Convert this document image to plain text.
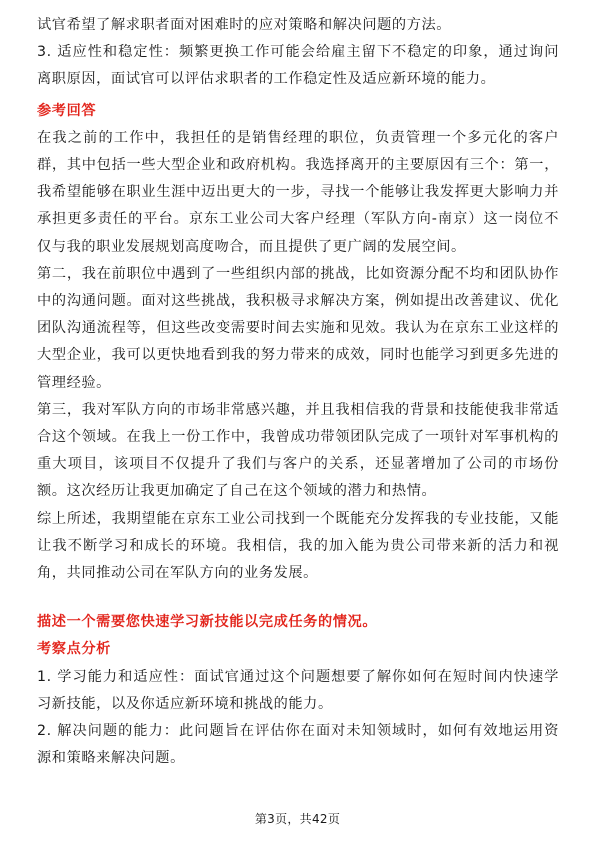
试官希望了解求职者面对困难时的应对策略和解决问题的方法。

3. 适应性和稳定性：频繁更换工作可能会给雇主留下不稳定的印象，通过询问离职原因，面试官可以评估求职者的工作稳定性及适应新环境的能力。

参考回答

在我之前的工作中，我担任的是销售经理的职位，负责管理一个多元化的客户群，其中包括一些大型企业和政府机构。我选择离开的主要原因有三个：第一，我希望能够在职业生涯中迈出更大的一步，寻找一个能够让我发挥更大影响力并承担更多责任的平台。京东工业公司大客户经理（军队方向-南京）这一岗位不仅与我的职业发展规划高度吻合，而且提供了更广阔的发展空间。

第二，我在前职位中遇到了一些组织内部的挑战，比如资源分配不均和团队协作中的沟通问题。面对这些挑战，我积极寻求解决方案，例如提出改善建议、优化团队沟通流程等，但这些改变需要时间去实施和见效。我认为在京东工业这样的大型企业，我可以更快地看到我的努力带来的成效，同时也能学习到更多先进的管理经验。

第三，我对军队方向的市场非常感兴趣，并且我相信我的背景和技能使我非常适合这个领域。在我上一份工作中，我曾成功带领团队完成了一项针对军事机构的重大项目，该项目不仅提升了我们与客户的关系，还显著增加了公司的市场份额。这次经历让我更加确定了自己在这个领域的潜力和热情。

综上所述，我期望能在京东工业公司找到一个既能充分发挥我的专业技能，又能让我不断学习和成长的环境。我相信，我的加入能为贵公司带来新的活力和视角，共同推动公司在军队方向的业务发展。

描述一个需要您快速学习新技能以完成任务的情况。

考察点分析

1. 学习能力和适应性：面试官通过这个问题想要了解你如何在短时间内快速学习新技能，以及你适应新环境和挑战的能力。

2. 解决问题的能力：此问题旨在评估你在面对未知领域时，如何有效地运用资源和策略来解决问题。

第3页，共42页
